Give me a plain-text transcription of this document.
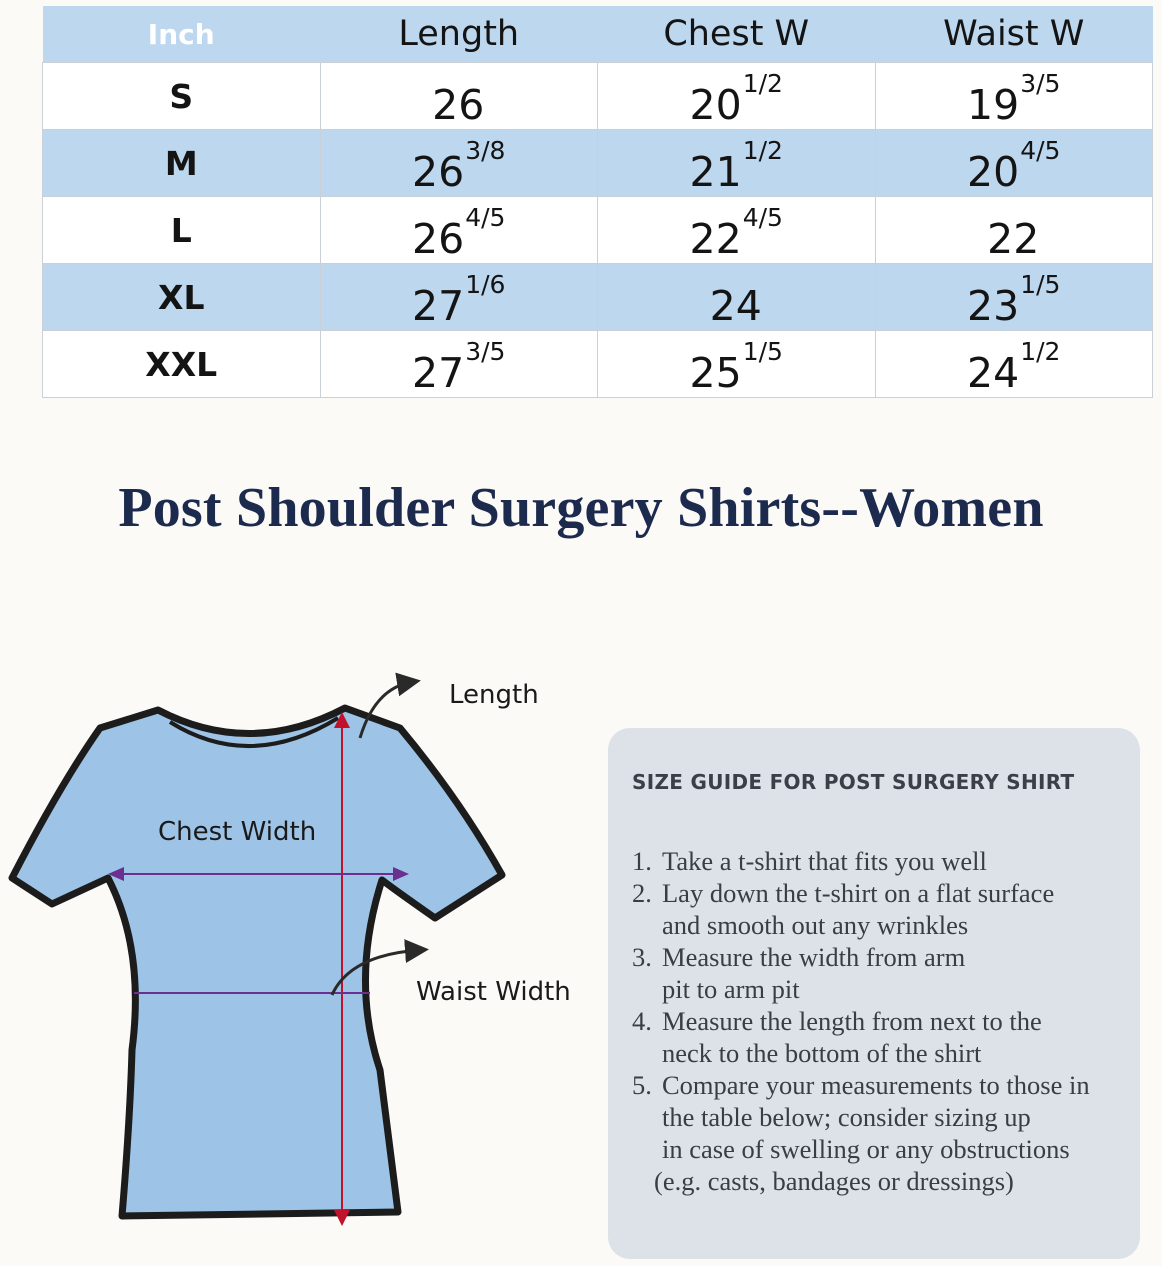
Inch	Length	Chest W	Waist W
S	26	$20^{1/2}$	$19^{3/5}$
M	$26^{3/8}$	$21^{1/2}$	$20^{4/5}$
L	$26^{4/5}$	$22^{4/5}$	22
XL	$27^{1/6}$	24	$23^{1/5}$
XXL	$27^{3/5}$	$25^{1/5}$	$24^{1/2}$
Post Shoulder Surgery Shirts--Women
Length
Chest Width
Waist Width
SIZE GUIDE FOR POST SURGERY SHIRT
1. Take a t-shirt that fits you well
2. Lay down the t-shirt on a flat surface
and smooth out any wrinkles
3. Measure the width from arm
pit to arm pit
4. Measure the length from next to the
neck to the bottom of the shirt
5. Compare your measurements to those in
the table below; consider sizing up
in case of swelling or any obstructions
(e.g. casts, bandages or dressings)
